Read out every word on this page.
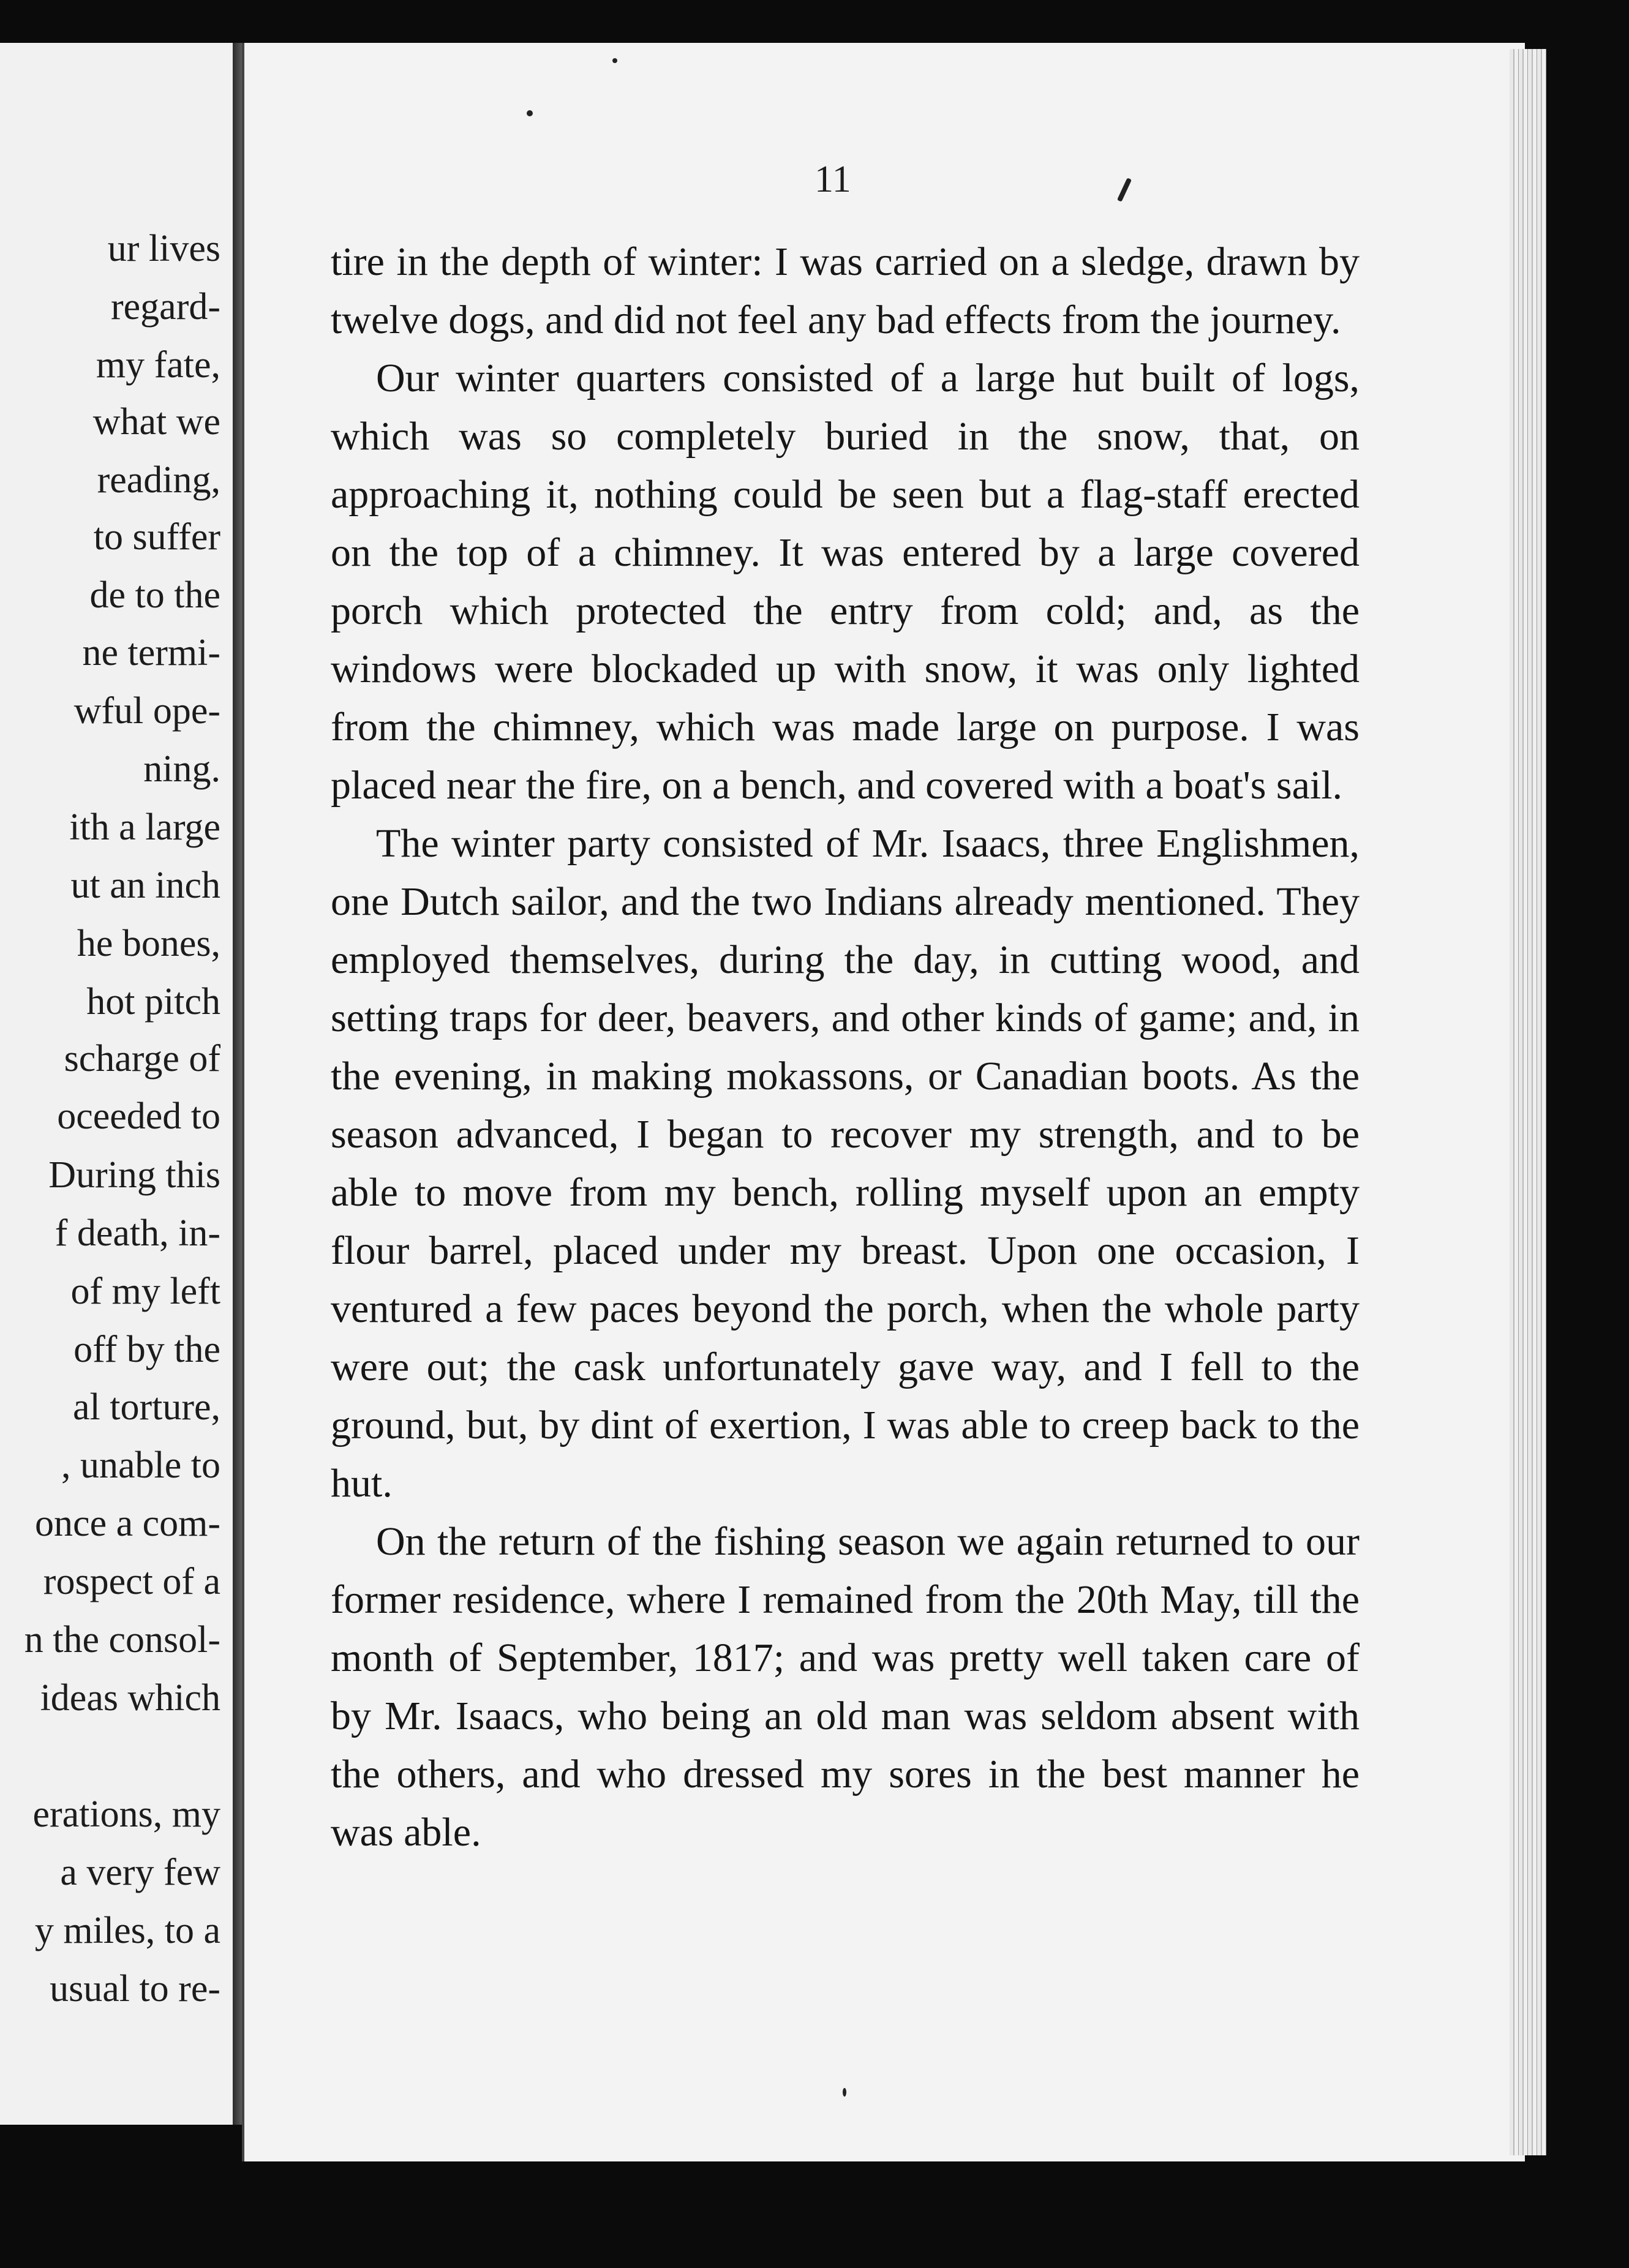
ur lives
regard-
my fate,
what we
reading,
to suffer
de to the
ne termi-
wful ope-
ning.
ith a large
ut an inch
he bones,
hot pitch
scharge of
oceeded to
During this
f death, in-
of my left
off by the
al torture,
, unable to
once a com-
rospect of a
n the consol-
ideas which
erations, my
a very few
y miles, to a
usual to re-
11

tire in the depth of winter: I was carried on a sledge, drawn by twelve dogs, and did not feel any bad effects from the journey.

Our winter quarters consisted of a large hut built of logs, which was so completely buried in the snow, that, on approaching it, nothing could be seen but a flag-staff erected on the top of a chimney. It was entered by a large covered porch which protected the entry from cold; and, as the windows were blockaded up with snow, it was only lighted from the chimney, which was made large on purpose. I was placed near the fire, on a bench, and covered with a boat's sail.

The winter party consisted of Mr. Isaacs, three Englishmen, one Dutch sailor, and the two Indians already mentioned. They employed themselves, during the day, in cutting wood, and setting traps for deer, beavers, and other kinds of game; and, in the evening, in making mokassons, or Canadian boots. As the season advanced, I began to recover my strength, and to be able to move from my bench, rolling myself upon an empty flour barrel, placed under my breast. Upon one occasion, I ventured a few paces beyond the porch, when the whole party were out; the cask unfortunately gave way, and I fell to the ground, but, by dint of exertion, I was able to creep back to the hut.

On the return of the fishing season we again returned to our former residence, where I remained from the 20th May, till the month of September, 1817; and was pretty well taken care of by Mr. Isaacs, who being an old man was seldom absent with the others, and who dressed my sores in the best manner he was able.
